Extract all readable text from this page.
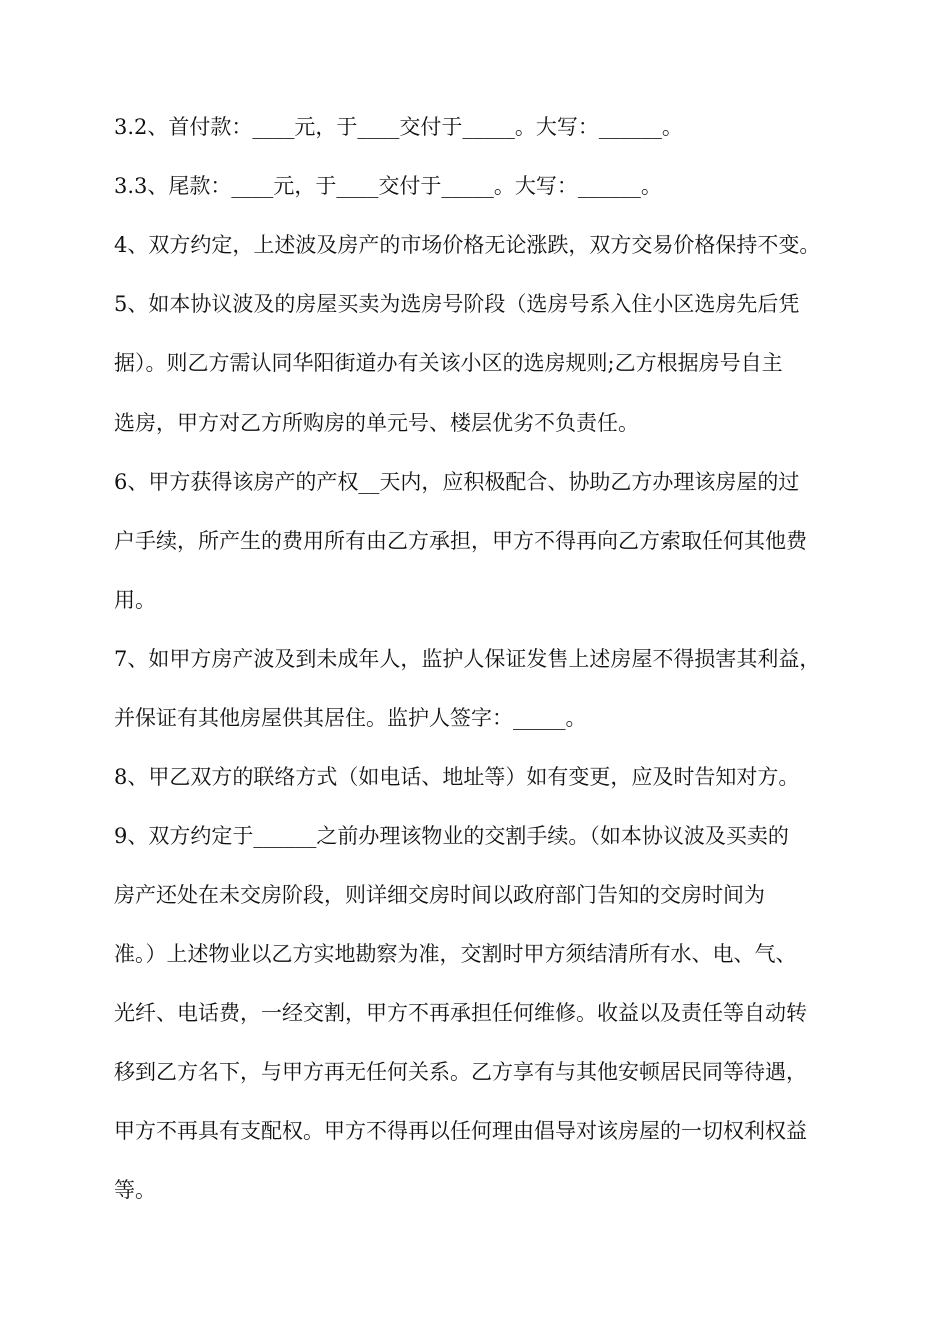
3.2、首付款：____元，于____交付于_____。大写：______。
3.3、尾款：____元，于____交付于_____。大写：______。
4、双方约定，上述波及房产的市场价格无论涨跌，双方交易价格保持不变。
5、如本协议波及的房屋买卖为选房号阶段（选房号系入住小区选房先后凭
据）。则乙方需认同华阳街道办有关该小区的选房规则;乙方根据房号自主
选房，甲方对乙方所购房的单元号、楼层优劣不负责任。
6、甲方获得该房产的产权__天内，应积极配合、协助乙方办理该房屋的过
户手续，所产生的费用所有由乙方承担，甲方不得再向乙方索取任何其他费
用。
7、如甲方房产波及到未成年人，监护人保证发售上述房屋不得损害其利益，
并保证有其他房屋供其居住。监护人签字：_____。
8、甲乙双方的联络方式（如电话、地址等）如有变更，应及时告知对方。
9、双方约定于______之前办理该物业的交割手续。（如本协议波及买卖的
房产还处在未交房阶段，则详细交房时间以政府部门告知的交房时间为
准。）上述物业以乙方实地勘察为准，交割时甲方须结清所有水、电、气、
光纤、电话费，一经交割，甲方不再承担任何维修。收益以及责任等自动转
移到乙方名下，与甲方再无任何关系。乙方享有与其他安顿居民同等待遇，
甲方不再具有支配权。甲方不得再以任何理由倡导对该房屋的一切权利权益
等。
